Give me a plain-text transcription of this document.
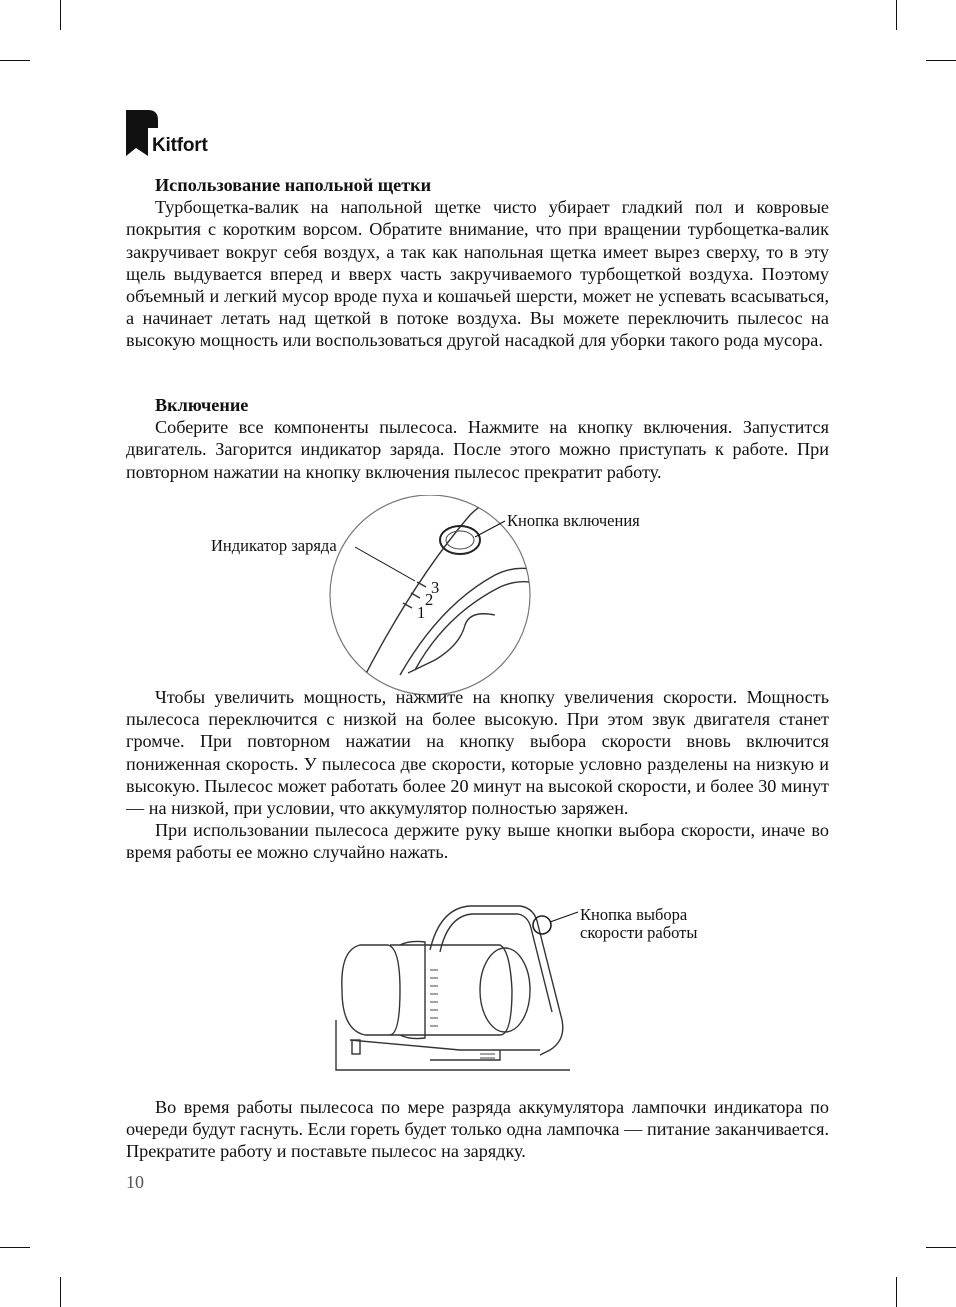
Kitfort

Использование напольной щетки

Турбощетка-валик на напольной щетке чисто убирает гладкий пол и ковровые покрытия с коротким ворсом. Обратите внимание, что при вращении турбощетка-валик закручивает вокруг себя воздух, а так как напольная щетка имеет вырез сверху, то в эту щель выдувается вперед и вверх часть закручиваемого турбощеткой воздуха. Поэтому объемный и легкий мусор вроде пуха и кошачьей шерсти, может не успевать всасываться, а начинает летать над щеткой в потоке воздуха. Вы можете переключить пылесос на высокую мощность или воспользоваться другой насадкой для уборки такого рода мусора.

Включение

Соберите все компоненты пылесоса. Нажмите на кнопку включения. Запустится двигатель. Загорится индикатор заряда. После этого можно приступать к работе. При повторном нажатии на кнопку включения пылесос прекратит работу.

2
3
1
Индикатор заряда
Кнопка включения

Чтобы увеличить мощность, нажмите на кнопку увеличения скорости. Мощность пылесоса переключится с низкой на более высокую. При этом звук двигателя станет громче. При повторном нажатии на кнопку выбора скорости вновь включится пониженная скорость. У пылесоса две скорости, которые условно разделены на низкую и высокую. Пылесос может работать более 20 минут на высокой скорости, и более 30 минут — на низкой, при условии, что аккумулятор полностью заряжен.

При использовании пылесоса держите руку выше кнопки выбора скорости, иначе во время работы ее можно случайно нажать.

Кнопка выбора
скорости работы

Во время работы пылесоса по мере разряда аккумулятора лампочки индикатора по очереди будут гаснуть. Если гореть будет только одна лампочка — питание заканчивается. Прекратите работу и поставьте пылесос на зарядку.

10
